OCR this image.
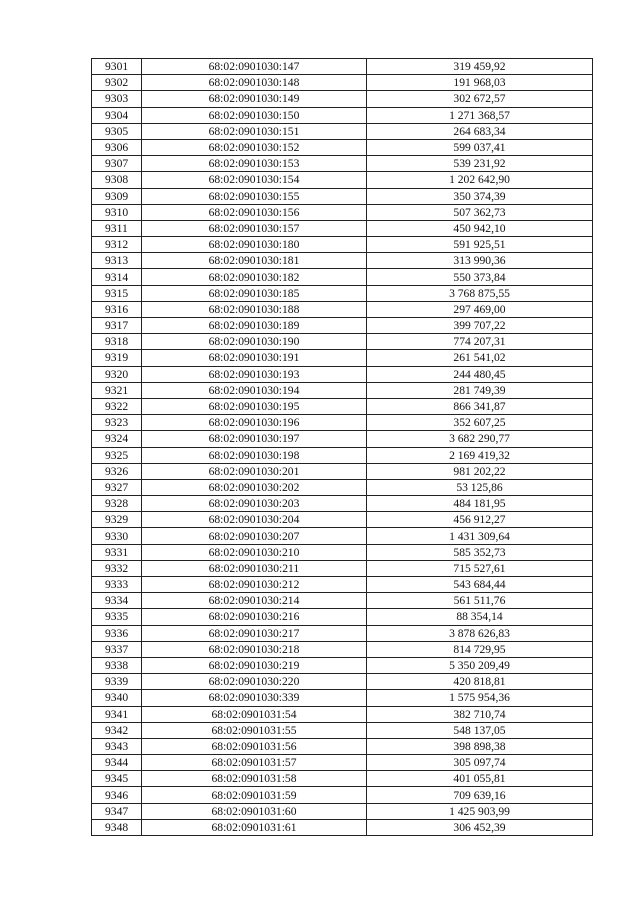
9301	68:02:0901030:147	319 459,92
9302	68:02:0901030:148	191 968,03
9303	68:02:0901030:149	302 672,57
9304	68:02:0901030:150	1 271 368,57
9305	68:02:0901030:151	264 683,34
9306	68:02:0901030:152	599 037,41
9307	68:02:0901030:153	539 231,92
9308	68:02:0901030:154	1 202 642,90
9309	68:02:0901030:155	350 374,39
9310	68:02:0901030:156	507 362,73
9311	68:02:0901030:157	450 942,10
9312	68:02:0901030:180	591 925,51
9313	68:02:0901030:181	313 990,36
9314	68:02:0901030:182	550 373,84
9315	68:02:0901030:185	3 768 875,55
9316	68:02:0901030:188	297 469,00
9317	68:02:0901030:189	399 707,22
9318	68:02:0901030:190	774 207,31
9319	68:02:0901030:191	261 541,02
9320	68:02:0901030:193	244 480,45
9321	68:02:0901030:194	281 749,39
9322	68:02:0901030:195	866 341,87
9323	68:02:0901030:196	352 607,25
9324	68:02:0901030:197	3 682 290,77
9325	68:02:0901030:198	2 169 419,32
9326	68:02:0901030:201	981 202,22
9327	68:02:0901030:202	53 125,86
9328	68:02:0901030:203	484 181,95
9329	68:02:0901030:204	456 912,27
9330	68:02:0901030:207	1 431 309,64
9331	68:02:0901030:210	585 352,73
9332	68:02:0901030:211	715 527,61
9333	68:02:0901030:212	543 684,44
9334	68:02:0901030:214	561 511,76
9335	68:02:0901030:216	88 354,14
9336	68:02:0901030:217	3 878 626,83
9337	68:02:0901030:218	814 729,95
9338	68:02:0901030:219	5 350 209,49
9339	68:02:0901030:220	420 818,81
9340	68:02:0901030:339	1 575 954,36
9341	68:02:0901031:54	382 710,74
9342	68:02:0901031:55	548 137,05
9343	68:02:0901031:56	398 898,38
9344	68:02:0901031:57	305 097,74
9345	68:02:0901031:58	401 055,81
9346	68:02:0901031:59	709 639,16
9347	68:02:0901031:60	1 425 903,99
9348	68:02:0901031:61	306 452,39
